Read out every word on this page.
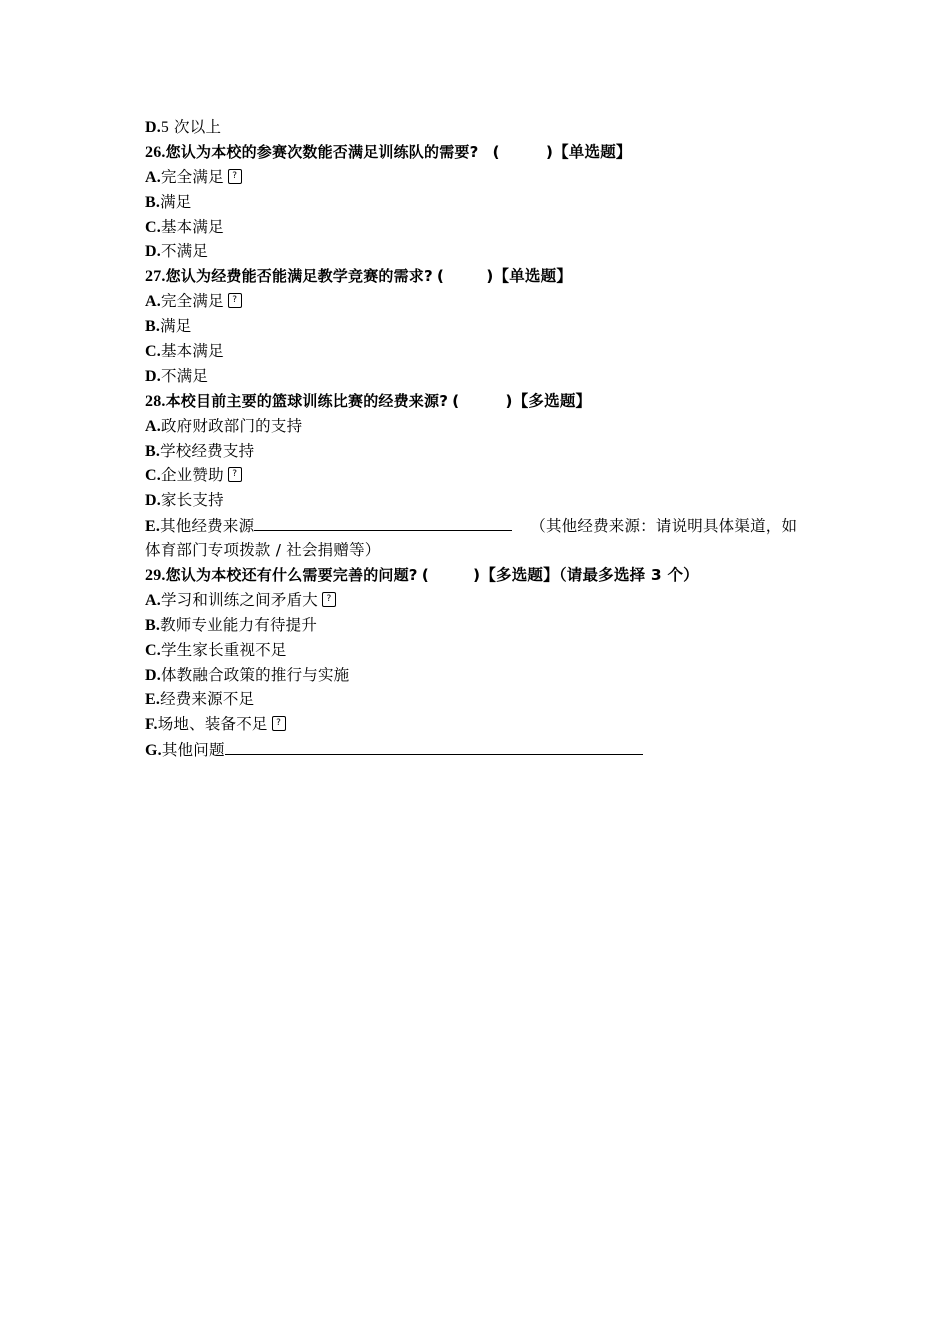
D.5 次以上
26.您认为本校的参赛次数能否满足训练队的需要? (	)【单选题】
A.完全满足 ?
B.满足
C.基本满足
D.不满足
27.您认为经费能否能满足教学竞赛的需求? (	)【单选题】
A.完全满足 ?
B.满足
C.基本满足
D.不满足
28.本校目前主要的篮球训练比赛的经费来源? (	)【多选题】
A.政府财政部门的支持
B.学校经费支持
C.企业赞助 ?
D.家长支持
E.其他经费来源	（其他经费来源：请说明具体渠道，如
体育部门专项拨款 / 社会捐赠等）
29.您认为本校还有什么需要完善的问题? (	)【多选题】（请最多选择 3 个）
A.学习和训练之间矛盾大 ?
B.教师专业能力有待提升
C.学生家长重视不足
D.体教融合政策的推行与实施
E.经费来源不足
F.场地、装备不足 ?
G.其他问题
